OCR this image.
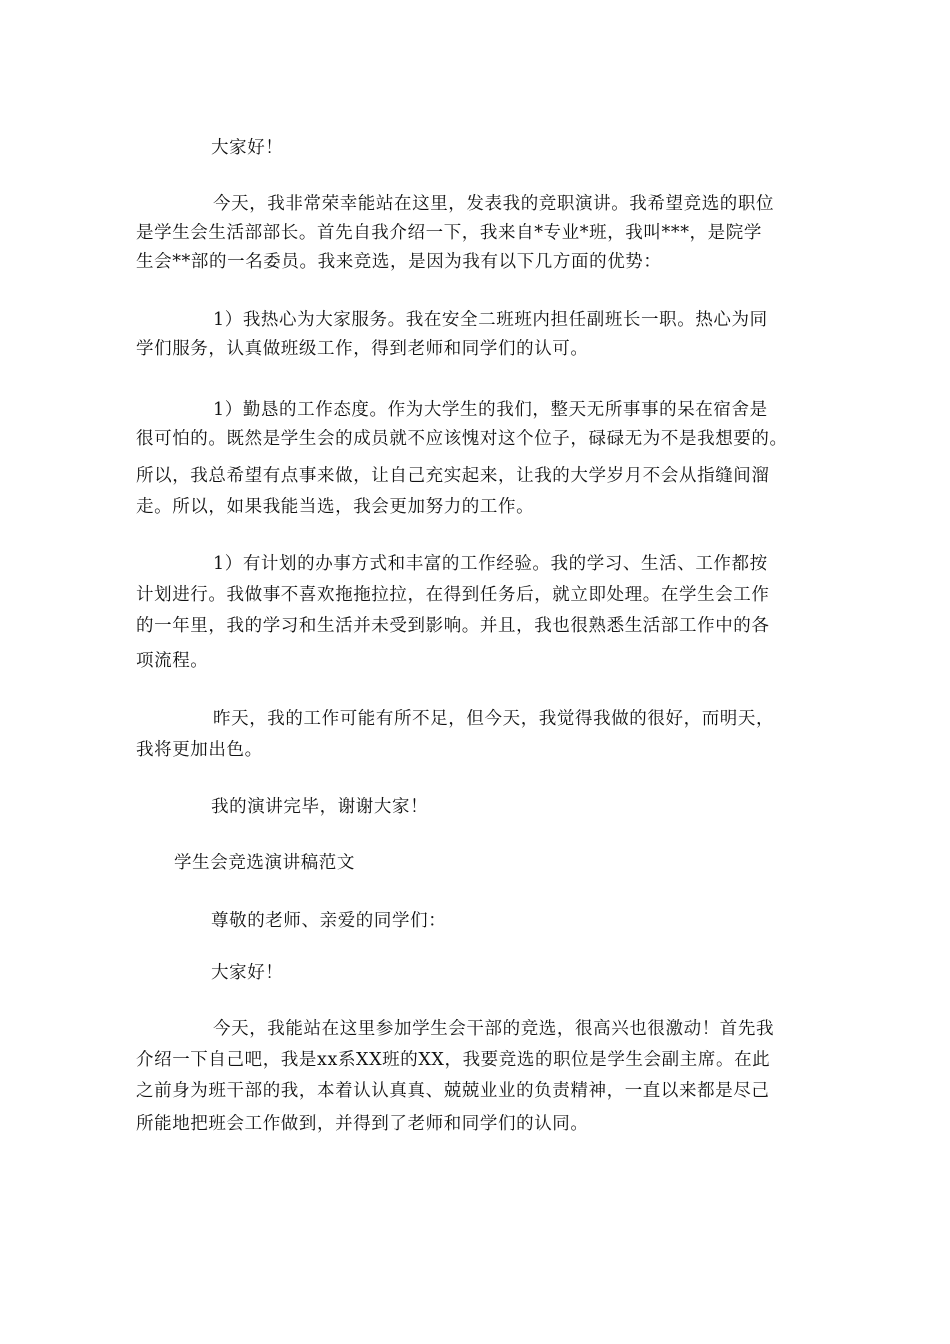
大家好！
今天，我非常荣幸能站在这里，发表我的竞职演讲。我希望竞选的职位
是学生会生活部部长。首先自我介绍一下，我来自*专业*班，我叫***，是院学
生会**部的一名委员。我来竞选，是因为我有以下几方面的优势：
1）我热心为大家服务。我在安全二班班内担任副班长一职。热心为同
学们服务，认真做班级工作，得到老师和同学们的认可。
1）勤恳的工作态度。作为大学生的我们，整天无所事事的呆在宿舍是
很可怕的。既然是学生会的成员就不应该愧对这个位子，碌碌无为不是我想要的。
所以，我总希望有点事来做，让自己充实起来，让我的大学岁月不会从指缝间溜
走。所以，如果我能当选，我会更加努力的工作。
1）有计划的办事方式和丰富的工作经验。我的学习、生活、工作都按
计划进行。我做事不喜欢拖拖拉拉，在得到任务后，就立即处理。在学生会工作
的一年里，我的学习和生活并未受到影响。并且，我也很熟悉生活部工作中的各
项流程。
昨天，我的工作可能有所不足，但今天，我觉得我做的很好，而明天，
我将更加出色。
我的演讲完毕，谢谢大家！
学生会竞选演讲稿范文
尊敬的老师、亲爱的同学们：
大家好！
今天，我能站在这里参加学生会干部的竞选，很高兴也很激动！首先我
介绍一下自己吧，我是xx系XX班的XX，我要竞选的职位是学生会副主席。在此
之前身为班干部的我，本着认认真真、兢兢业业的负责精神，一直以来都是尽己
所能地把班会工作做到，并得到了老师和同学们的认同。
